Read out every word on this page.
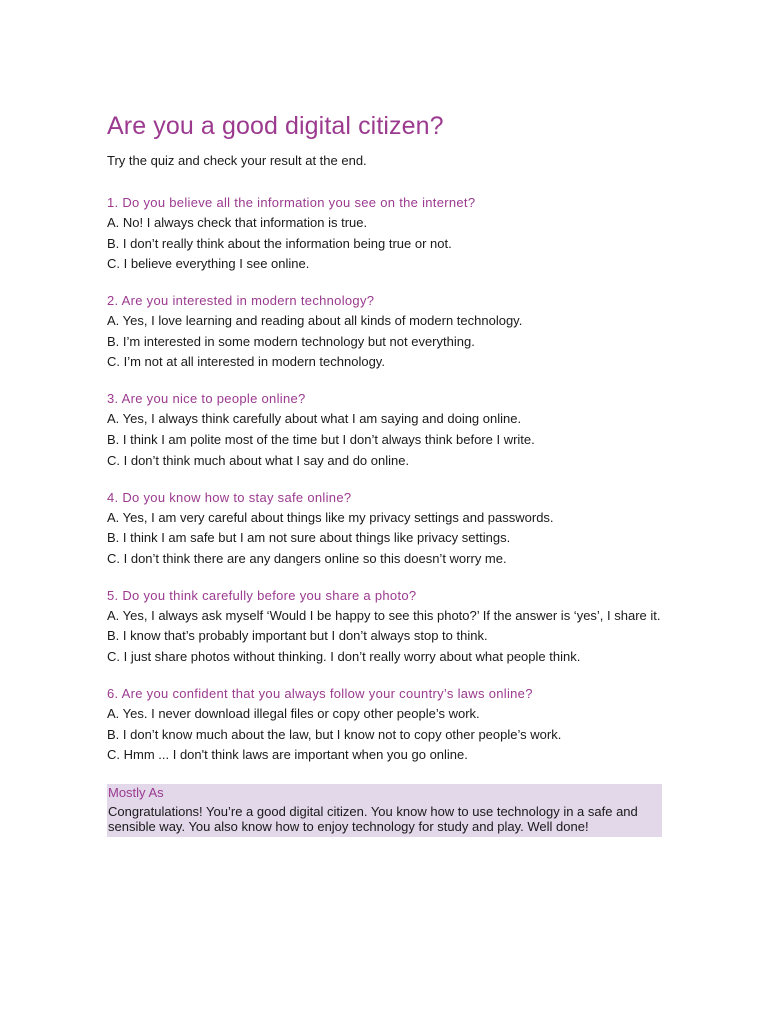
Are you a good digital citizen?

Try the quiz and check your result at the end.

1. Do you believe all the information you see on the internet?

A. No! I always check that information is true.

B. I don’t really think about the information being true or not.

C. I believe everything I see online.

2. Are you interested in modern technology?

A. Yes, I love learning and reading about all kinds of modern technology.

B. I’m interested in some modern technology but not everything.

C. I’m not at all interested in modern technology.

3. Are you nice to people online?

A. Yes, I always think carefully about what I am saying and doing online.

B. I think I am polite most of the time but I don’t always think before I write.

C. I don’t think much about what I say and do online.

4. Do you know how to stay safe online?

A. Yes, I am very careful about things like my privacy settings and passwords.

B. I think I am safe but I am not sure about things like privacy settings.

C. I don’t think there are any dangers online so this doesn’t worry me.

5. Do you think carefully before you share a photo?

A. Yes, I always ask myself ‘Would I be happy to see this photo?’ If the answer is ‘yes’, I share it.

B. I know that’s probably important but I don’t always stop to think.

C. I just share photos without thinking. I don’t really worry about what people think.

6. Are you confident that you always follow your country’s laws online?

A. Yes. I never download illegal files or copy other people’s work.

B. I don’t know much about the law, but I know not to copy other people’s work.

C. Hmm ... I don't think laws are important when you go online.

Mostly As

Congratulations! You’re a good digital citizen. You know how to use technology in a safe and sensible way. You also know how to enjoy technology for study and play. Well done!
